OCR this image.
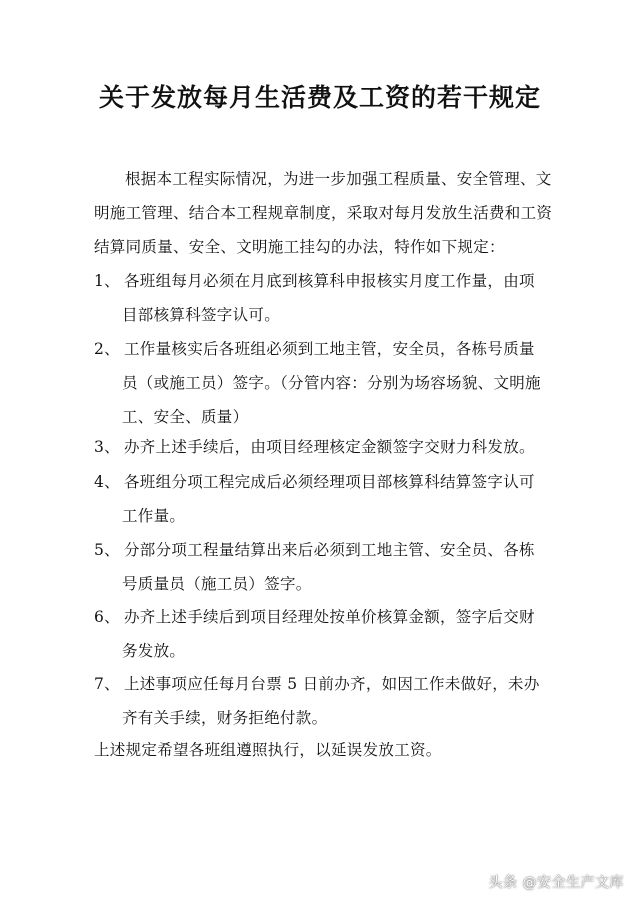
关于发放每月生活费及工资的若干规定
根据本工程实际情况，为进一步加强工程质量、安全管理、文明施工管理、结合本工程规章制度，采取对每月发放生活费和工资结算同质量、安全、文明施工挂勾的办法，特作如下规定：
1、 各班组每月必须在月底到核算科申报核实月度工作量，由项
目部核算科签字认可。
2、 工作量核实后各班组必须到工地主管，安全员，各栋号质量
员（或施工员）签字。（分管内容：分别为场容场貌、文明施
工、安全、质量）
3、 办齐上述手续后，由项目经理核定金额签字交财力科发放。
4、 各班组分项工程完成后必须经理项目部核算科结算签字认可
工作量。
5、 分部分项工程量结算出来后必须到工地主管、安全员、各栋
号质量员（施工员）签字。
6、 办齐上述手续后到项目经理处按单价核算金额，签字后交财
务发放。
7、 上述事项应任每月台票 5 日前办齐，如因工作未做好，未办
齐有关手续，财务拒绝付款。
上述规定希望各班组遵照执行，以延误发放工资。
头条 @安全生产文库
